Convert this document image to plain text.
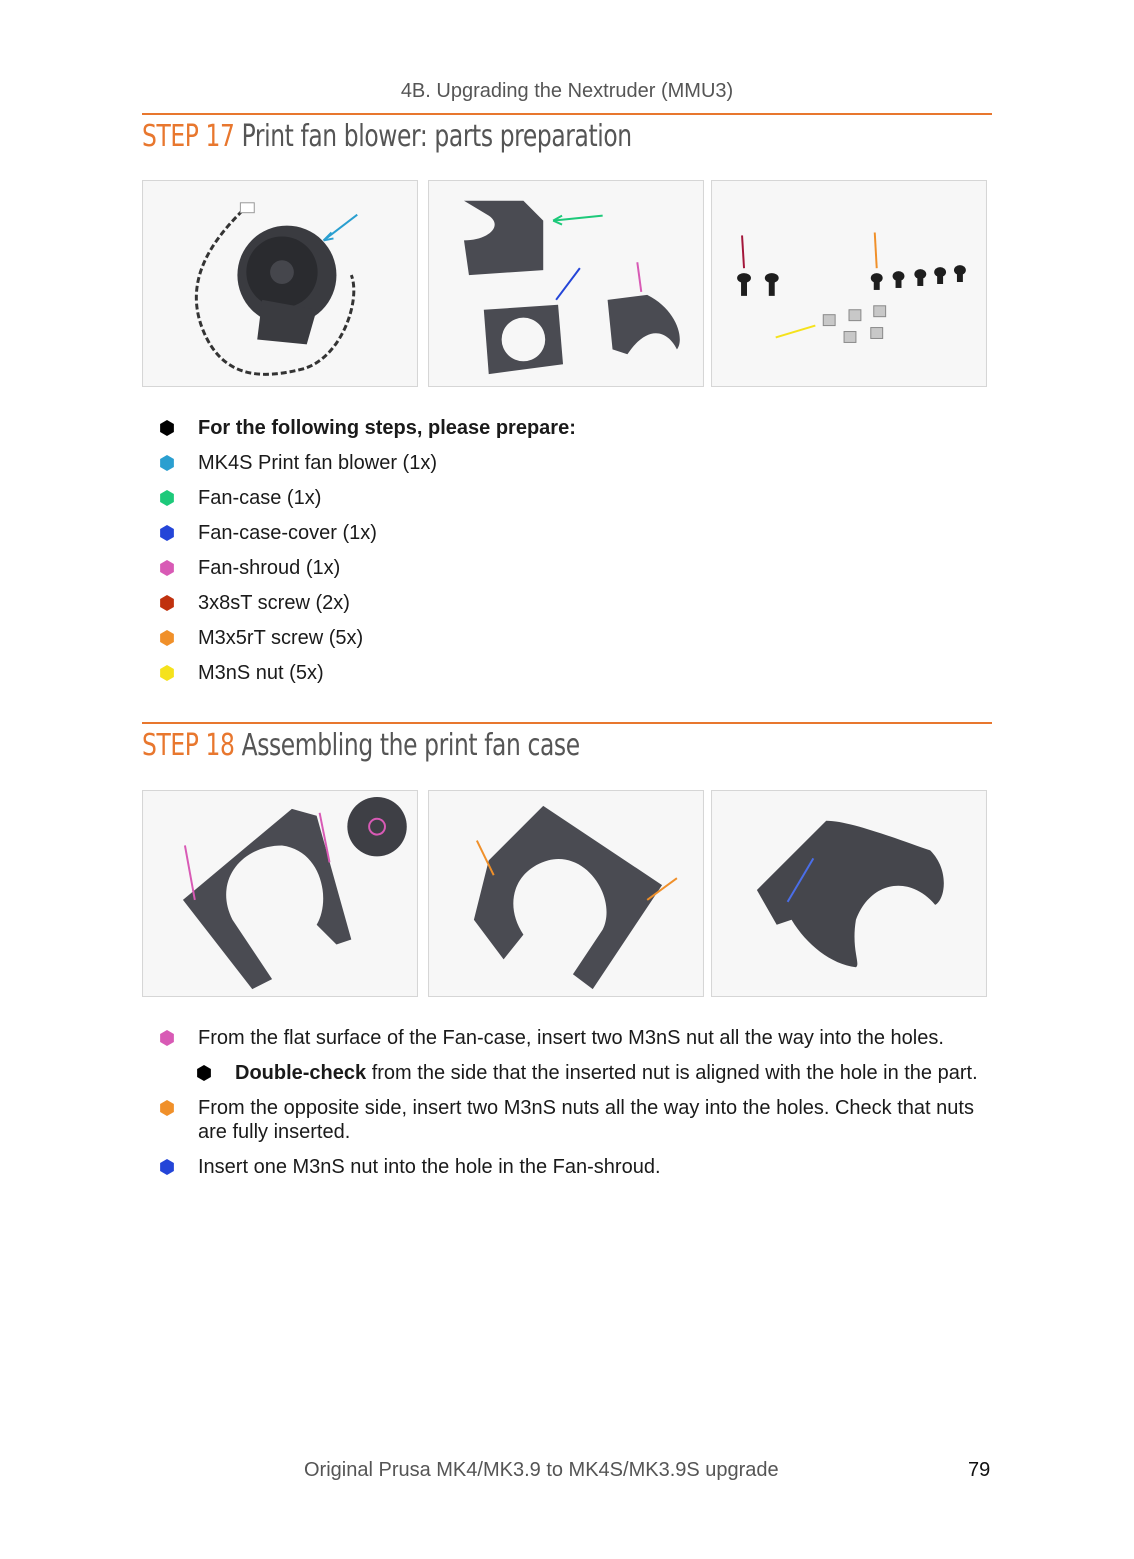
4B. Upgrading the Nextruder (MMU3)
STEP 17 Print fan blower: parts preparation
For the following steps, please prepare:
MK4S Print fan blower (1x)
Fan-case (1x)
Fan-case-cover (1x)
Fan-shroud (1x)
3x8sT screw (2x)
M3x5rT screw (5x)
M3nS nut (5x)
STEP 18 Assembling the print fan case
From the flat surface of the Fan-case, insert two M3nS nut all the way into the holes.
Double-check from the side that the inserted nut is aligned with the hole in the part.
From the opposite side, insert two M3nS nuts all the way into the holes. Check that nuts are fully inserted.
Insert one M3nS nut into the hole in the Fan-shroud.
Original Prusa MK4/MK3.9 to MK4S/MK3.9S upgrade	79
